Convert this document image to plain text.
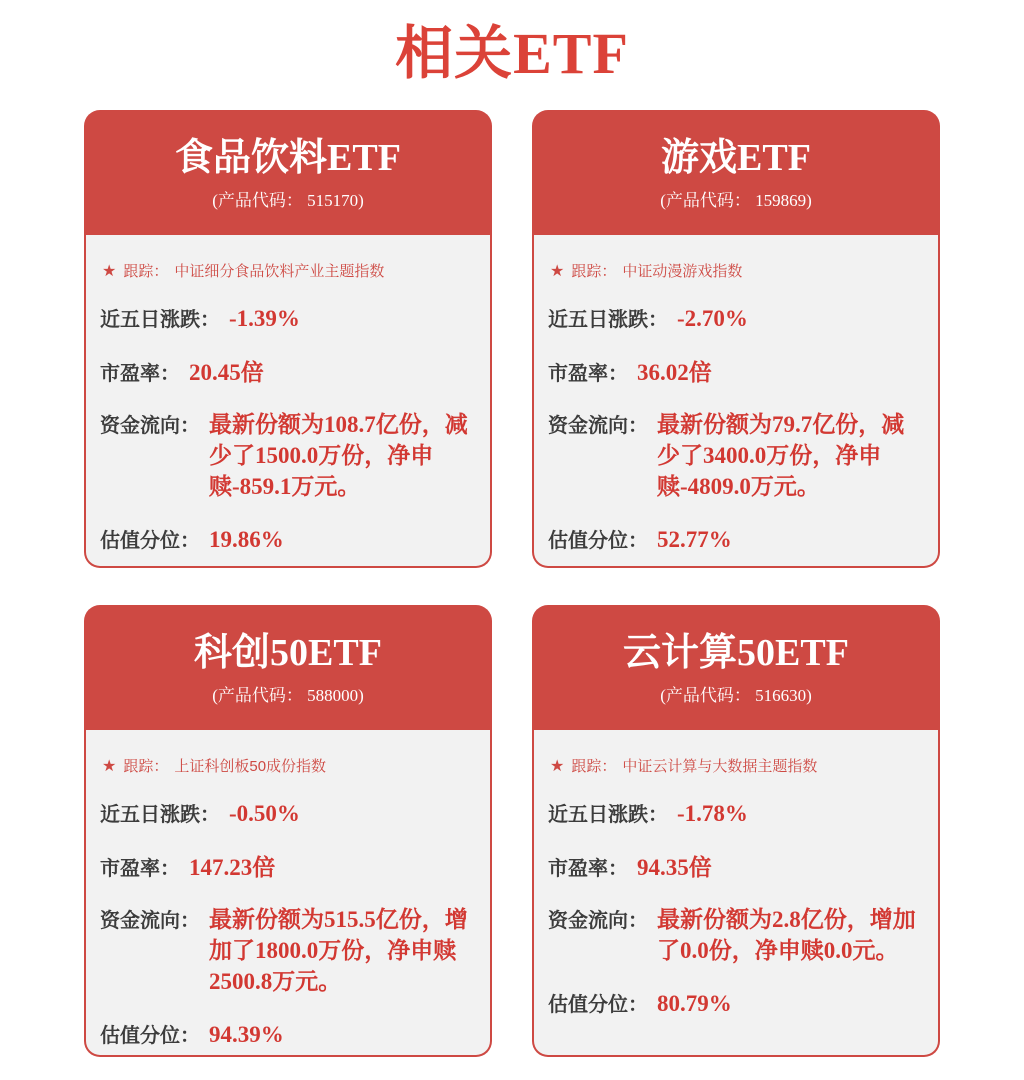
相关ETF
食品饮料ETF
(产品代码： 515170)
★ 跟踪： 中证细分食品饮料产业主题指数
近五日涨跌： -1.39%
市盈率： 20.45倍
资金流向： 最新份额为108.7亿份，减少了1500.0万份，净申赎-859.1万元。
估值分位： 19.86%
游戏ETF
(产品代码： 159869)
★ 跟踪： 中证动漫游戏指数
近五日涨跌： -2.70%
市盈率： 36.02倍
资金流向： 最新份额为79.7亿份，减少了3400.0万份，净申赎-4809.0万元。
估值分位： 52.77%
科创50ETF
(产品代码： 588000)
★ 跟踪： 上证科创板50成份指数
近五日涨跌： -0.50%
市盈率： 147.23倍
资金流向： 最新份额为515.5亿份，增加了1800.0万份，净申赎2500.8万元。
估值分位： 94.39%
云计算50ETF
(产品代码： 516630)
★ 跟踪： 中证云计算与大数据主题指数
近五日涨跌： -1.78%
市盈率： 94.35倍
资金流向： 最新份额为2.8亿份，增加了0.0份，净申赎0.0元。
估值分位： 80.79%
